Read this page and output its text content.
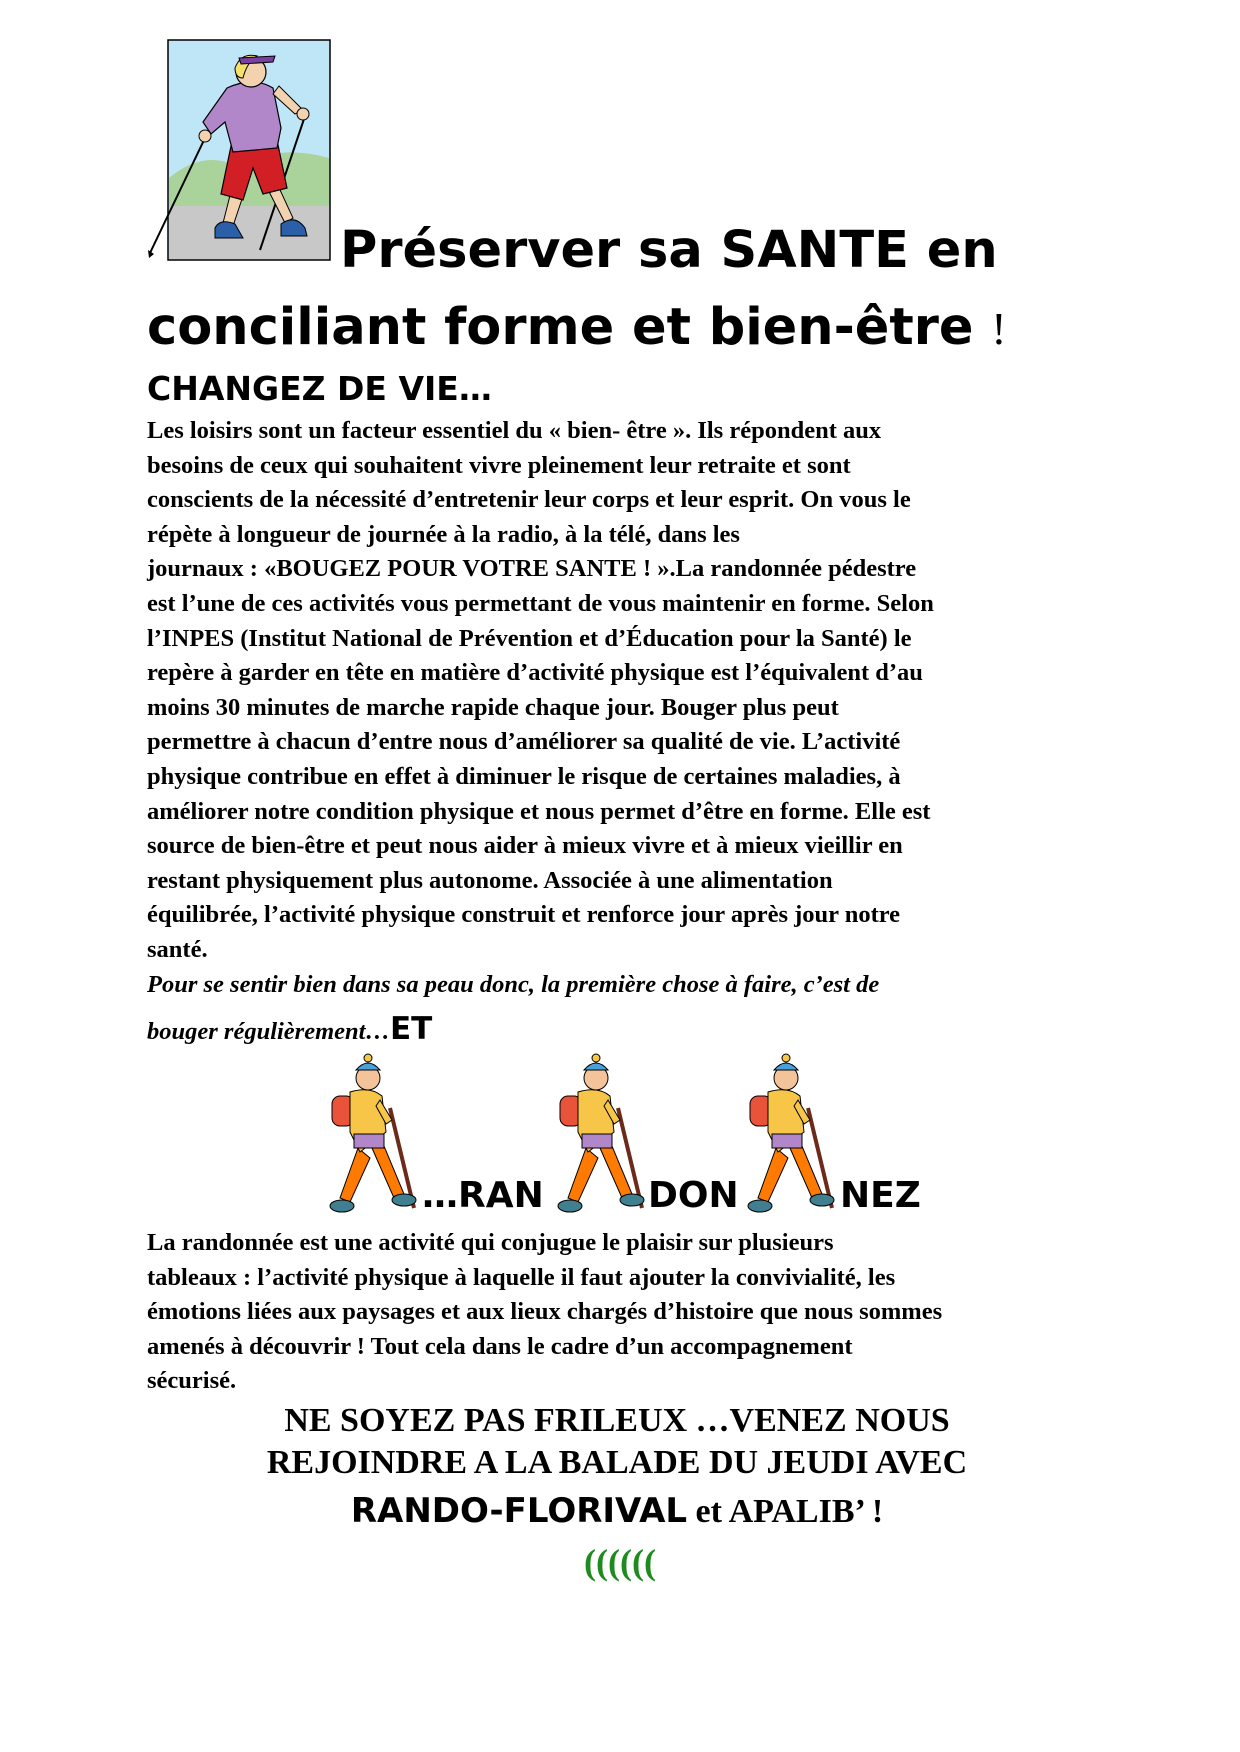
Préserver sa SANTE en
conciliant forme et bien-être !
CHANGEZ DE VIE…
Les loisirs sont un facteur essentiel du « bien- être ». Ils répondent aux
besoins de ceux qui souhaitent vivre pleinement leur retraite et sont
conscients de la nécessité d’entretenir leur corps et leur esprit. On vous le
répète à longueur de journée à la radio, à la télé, dans les
journaux : «BOUGEZ POUR VOTRE SANTE ! ».La randonnée pédestre
est l’une de ces activités vous permettant de vous maintenir en forme. Selon
l’INPES (Institut National de Prévention et d’Éducation pour la Santé) le
repère à garder en tête en matière d’activité physique est l’équivalent d’au
moins 30 minutes de marche rapide chaque jour. Bouger plus peut
permettre à chacun d’entre nous d’améliorer sa qualité de vie. L’activité
physique contribue en effet à diminuer le risque de certaines maladies, à
améliorer notre condition physique et nous permet d’être en forme. Elle est
source de bien-être et peut nous aider à mieux vivre et à mieux vieillir en
restant physiquement plus autonome. Associée à une alimentation
équilibrée, l’activité physique construit et renforce jour après jour notre
santé.
Pour se sentir bien dans sa peau donc, la première chose à faire, c’est de
bouger régulièrement…ET
…RAN	DON	NEZ
La randonnée est une activité qui conjugue le plaisir sur plusieurs
tableaux : l’activité physique à laquelle il faut ajouter la convivialité, les
émotions liées aux paysages et aux lieux chargés d’histoire que nous sommes
amenés à découvrir ! Tout cela dans le cadre d’un accompagnement
sécurisé.

NE SOYEZ PAS FRILEUX …VENEZ NOUS

REJOINDRE A LA BALADE DU JEUDI AVEC

RANDO-FLORIVAL et APALIB’ !

((((((
